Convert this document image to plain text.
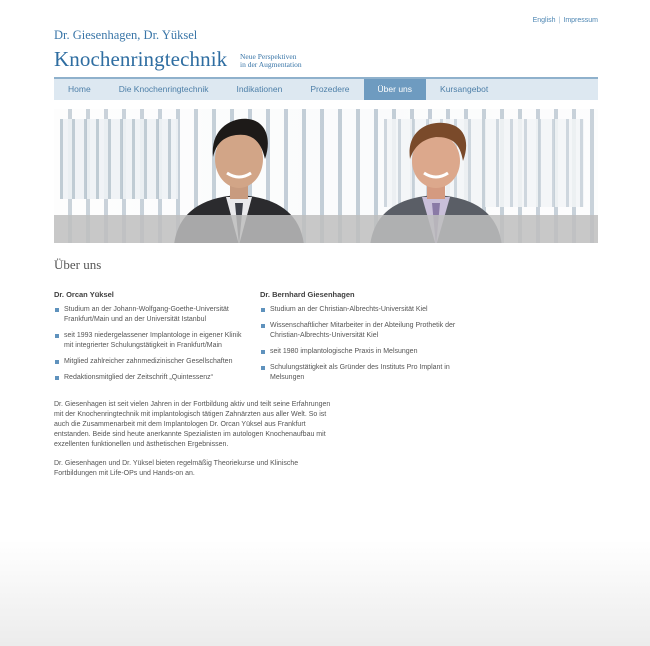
English | Impressum
Dr. Giesenhagen, Dr. Yüksel
Knochenringtechnik Neue Perspektiven
in der Augmentation
Home	Die Knochenringtechnik	Indikationen	Prozedere	Über uns	Kursangebot
Über uns
Dr. Orcan Yüksel
Studium an der Johann-Wolfgang-Goethe-Universität Frankfurt/Main und an der Universität Istanbul
seit 1993 niedergelassener Implantologe in eigener Klinik mit integrierter Schulungstätigkeit in Frankfurt/Main
Mitglied zahlreicher zahnmedizinischer Gesellschaften
Redaktionsmitglied der Zeitschrift „Quintessenz“
Dr. Bernhard Giesenhagen
Studium an der Christian-Albrechts-Universität Kiel
Wissenschaftlicher Mitarbeiter in der Abteilung Prothetik der Christian-Albrechts-Universität Kiel
seit 1980 implantologische Praxis in Melsungen
Schulungstätigkeit als Gründer des Instituts Pro Implant in Melsungen

Dr. Giesenhagen ist seit vielen Jahren in der Fortbildung aktiv und teilt seine Erfahrungen mit der Knochenringtechnik mit implantologisch tätigen Zahnärzten aus aller Welt. So ist auch die Zusammenarbeit mit dem Implantologen Dr. Orcan Yüksel aus Frankfurt entstanden. Beide sind heute anerkannte Spezialisten im autologen Knochenaufbau mit exzellenten funktionellen und ästhetischen Ergebnissen.

Dr. Giesenhagen und Dr. Yüksel bieten regelmäßig Theoriekurse und Klinische Fortbildungen mit Life-OPs und Hands-on an.
